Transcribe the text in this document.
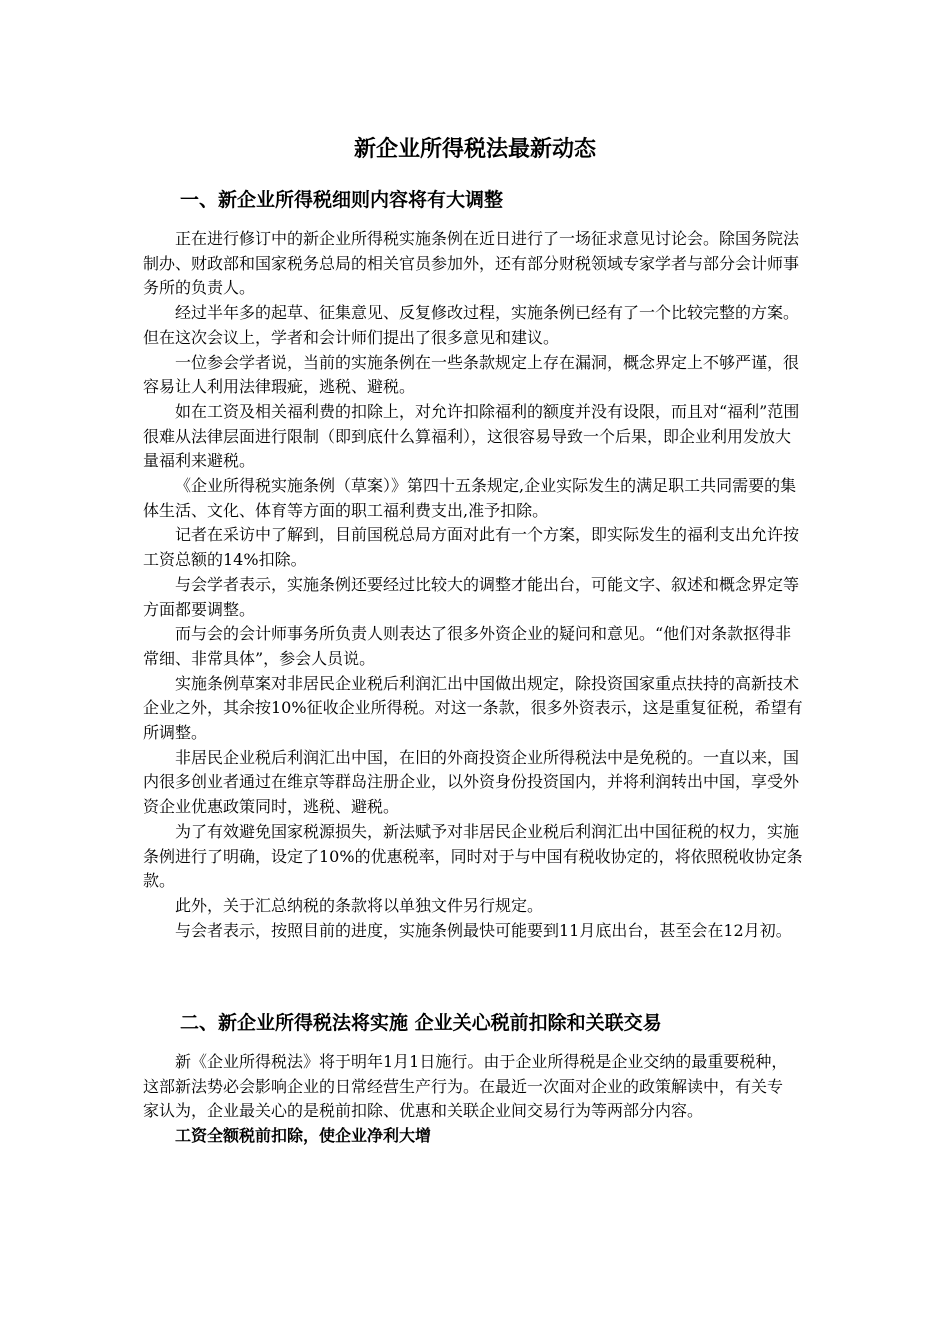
新企业所得税法最新动态
一、新企业所得税细则内容将有大调整

正在进行修订中的新企业所得税实施条例在近日进行了一场征求意见讨论会。除国务院法制办、财政部和国家税务总局的相关官员参加外，还有部分财税领域专家学者与部分会计师事务所的负责人。

经过半年多的起草、征集意见、反复修改过程，实施条例已经有了一个比较完整的方案。但在这次会议上，学者和会计师们提出了很多意见和建议。

一位参会学者说，当前的实施条例在一些条款规定上存在漏洞，概念界定上不够严谨，很容易让人利用法律瑕疵，逃税、避税。

如在工资及相关福利费的扣除上，对允许扣除福利的额度并没有设限，而且对“福利”范围很难从法律层面进行限制（即到底什么算福利），这很容易导致一个后果，即企业利用发放大量福利来避税。

《企业所得税实施条例（草案）》第四十五条规定,企业实际发生的满足职工共同需要的集体生活、文化、体育等方面的职工福利费支出,准予扣除。

记者在采访中了解到，目前国税总局方面对此有一个方案，即实际发生的福利支出允许按工资总额的14%扣除。

与会学者表示，实施条例还要经过比较大的调整才能出台，可能文字、叙述和概念界定等方面都要调整。

而与会的会计师事务所负责人则表达了很多外资企业的疑问和意见。“他们对条款抠得非常细、非常具体”，参会人员说。

实施条例草案对非居民企业税后利润汇出中国做出规定，除投资国家重点扶持的高新技术企业之外，其余按10%征收企业所得税。对这一条款，很多外资表示，这是重复征税，希望有所调整。

非居民企业税后利润汇出中国，在旧的外商投资企业所得税法中是免税的。一直以来，国内很多创业者通过在维京等群岛注册企业，以外资身份投资国内，并将利润转出中国，享受外资企业优惠政策同时，逃税、避税。

为了有效避免国家税源损失，新法赋予对非居民企业税后利润汇出中国征税的权力，实施条例进行了明确，设定了10%的优惠税率，同时对于与中国有税收协定的，将依照税收协定条款。

此外，关于汇总纳税的条款将以单独文件另行规定。

与会者表示，按照目前的进度，实施条例最快可能要到11月底出台，甚至会在12月初。

二、新企业所得税法将实施 企业关心税前扣除和关联交易

新《企业所得税法》将于明年1月1日施行。由于企业所得税是企业交纳的最重要税种，这部新法势必会影响企业的日常经营生产行为。在最近一次面对企业的政策解读中，有关专家认为，企业最关心的是税前扣除、优惠和关联企业间交易行为等两部分内容。

工资全额税前扣除，使企业净利大增
